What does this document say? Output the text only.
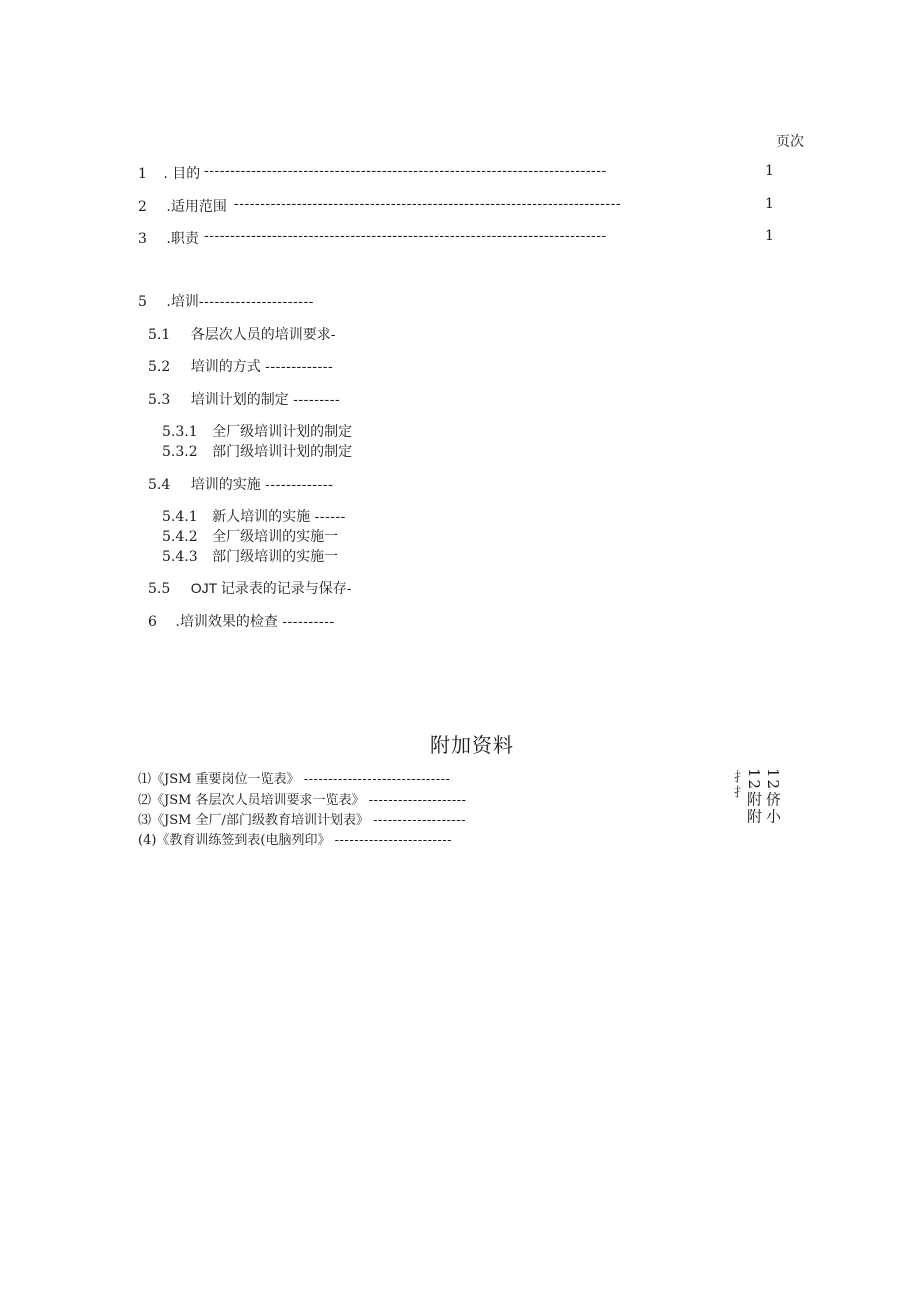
页次
1 . 目的 -----------------------------------------------------------------------------	1
2 .适用范围 --------------------------------------------------------------------------	1
3 .职责 -----------------------------------------------------------------------------	1
5 .培训----------------------
5.1 各层次人员的培训要求-
5.2 培训的方式 -------------
5.3 培训计划的制定 ---------
5.3.1 全厂级培训计划的制定
5.3.2 部门级培训计划的制定
5.4 培训的实施 -------------
5.4.1 新人培训的实施 ------
5.4.2 全厂级培训的实施一
5.4.3 部门级培训的实施一
5.5 OJT 记录表的记录与保存-
6 .培训效果的检查 ----------
附加资料
⑴《JSM 重要岗位一览表》 ------------------------------
⑵《JSM 各层次人员培训要求一览表》 --------------------
⑶《JSM 全厂/部门级教育培训计划表》 -------------------
(4)《教育训练签到表(电脑列印》 ------------------------
12侪小
12附附
扌扌
